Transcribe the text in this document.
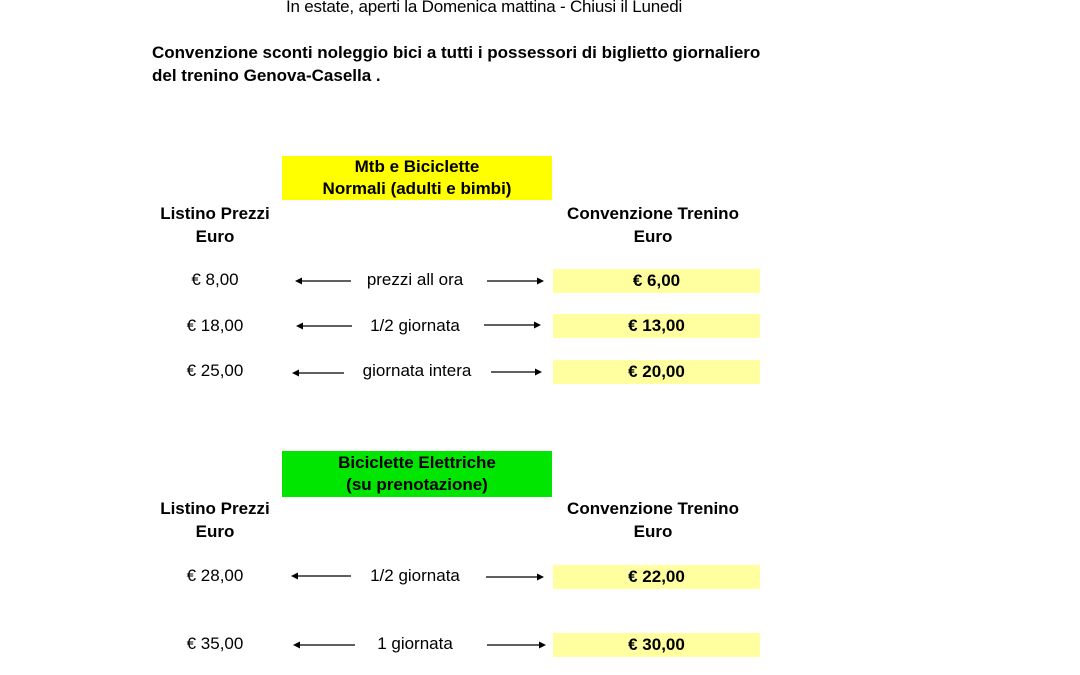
In estate, aperti la Domenica mattina - Chiusi il Lunedi
Convenzione sconti noleggio bici a tutti i possessori di biglietto giornaliero
del trenino Genova-Casella .
Mtb e Biciclette
Normali (adulti e bimbi)
Listino Prezzi
Euro
Convenzione Trenino
Euro
€ 8,00	prezzi all ora	€ 6,00
€ 18,00	1/2 giornata	€ 13,00
€ 25,00	giornata intera	€ 20,00
Biciclette Elettriche
(su prenotazione)
Listino Prezzi
Euro
Convenzione Trenino
Euro
€ 28,00	1/2 giornata	€ 22,00
€ 35,00	1 giornata	€ 30,00
